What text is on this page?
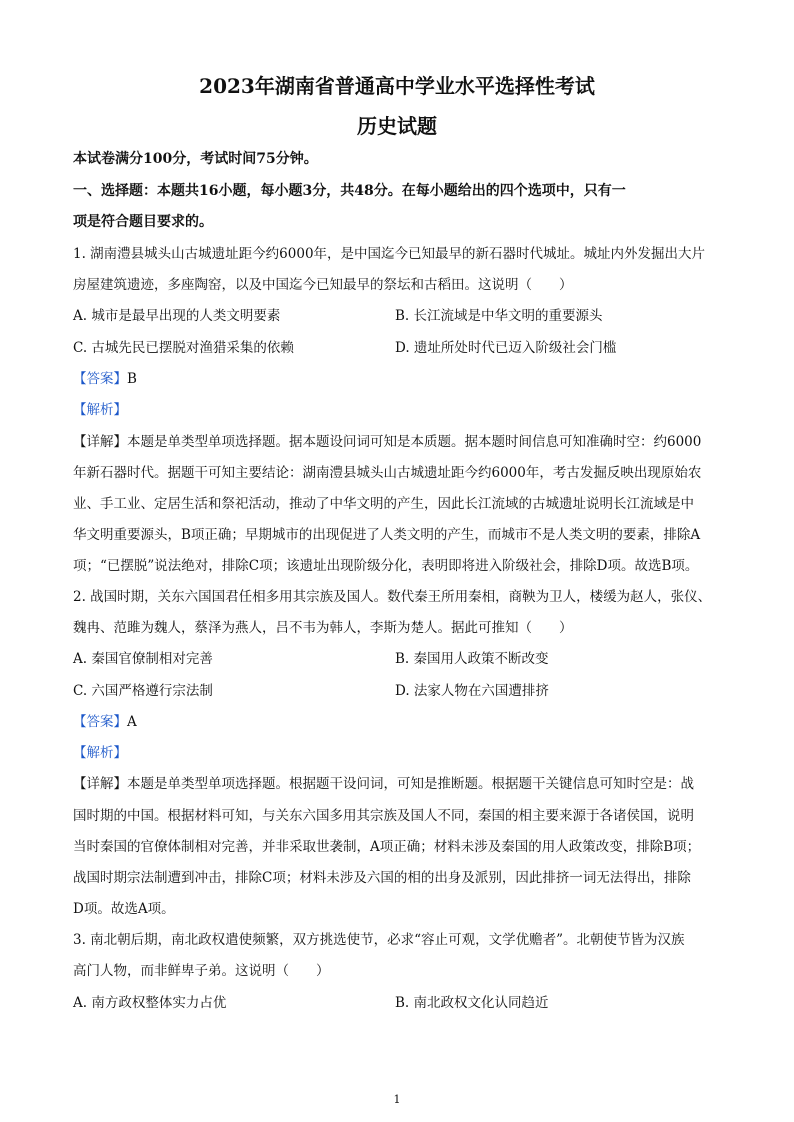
2023年湖南省普通高中学业水平选择性考试
历史试题
本试卷满分100分，考试时间75分钟。
一、选择题：本题共16小题，每小题3分，共48分。在每小题给出的四个选项中，只有一
项是符合题目要求的。
1. 湖南澧县城头山古城遗址距今约6000年，是中国迄今已知最早的新石器时代城址。城址内外发掘出大片
房屋建筑遗迹，多座陶窑，以及中国迄今已知最早的祭坛和古稻田。这说明（　　）
A. 城市是最早出现的人类文明要素	B. 长江流域是中华文明的重要源头
C. 古城先民已摆脱对渔猎采集的依赖	D. 遗址所处时代已迈入阶级社会门槛
【答案】B
【解析】
【详解】本题是单类型单项选择题。据本题设问词可知是本质题。据本题时间信息可知准确时空：约6000
年新石器时代。据题干可知主要结论：湖南澧县城头山古城遗址距今约6000年，考古发掘反映出现原始农
业、手工业、定居生活和祭祀活动，推动了中华文明的产生，因此长江流域的古城遗址说明长江流域是中
华文明重要源头，B项正确；早期城市的出现促进了人类文明的产生，而城市不是人类文明的要素，排除A
项；“已摆脱”说法绝对，排除C项；该遗址出现阶级分化，表明即将进入阶级社会，排除D项。故选B项。
2. 战国时期，关东六国国君任相多用其宗族及国人。数代秦王所用秦相，商鞅为卫人，楼缓为赵人，张仪、
魏冉、范雎为魏人，蔡泽为燕人，吕不韦为韩人，李斯为楚人。据此可推知（　　）
A. 秦国官僚制相对完善	B. 秦国用人政策不断改变
C. 六国严格遵行宗法制	D. 法家人物在六国遭排挤
【答案】A
【解析】
【详解】本题是单类型单项选择题。根据题干设问词，可知是推断题。根据题干关键信息可知时空是：战
国时期的中国。根据材料可知，与关东六国多用其宗族及国人不同，秦国的相主要来源于各诸侯国，说明
当时秦国的官僚体制相对完善，并非采取世袭制，A项正确；材料未涉及秦国的用人政策改变，排除B项；
战国时期宗法制遭到冲击，排除C项；材料未涉及六国的相的出身及派别，因此排挤一词无法得出，排除
D项。故选A项。
3. 南北朝后期，南北政权遣使频繁，双方挑选使节，必求“容止可观，文学优赡者”。北朝使节皆为汉族
高门人物，而非鲜卑子弟。这说明（　　）
A. 南方政权整体实力占优	B. 南北政权文化认同趋近
1
